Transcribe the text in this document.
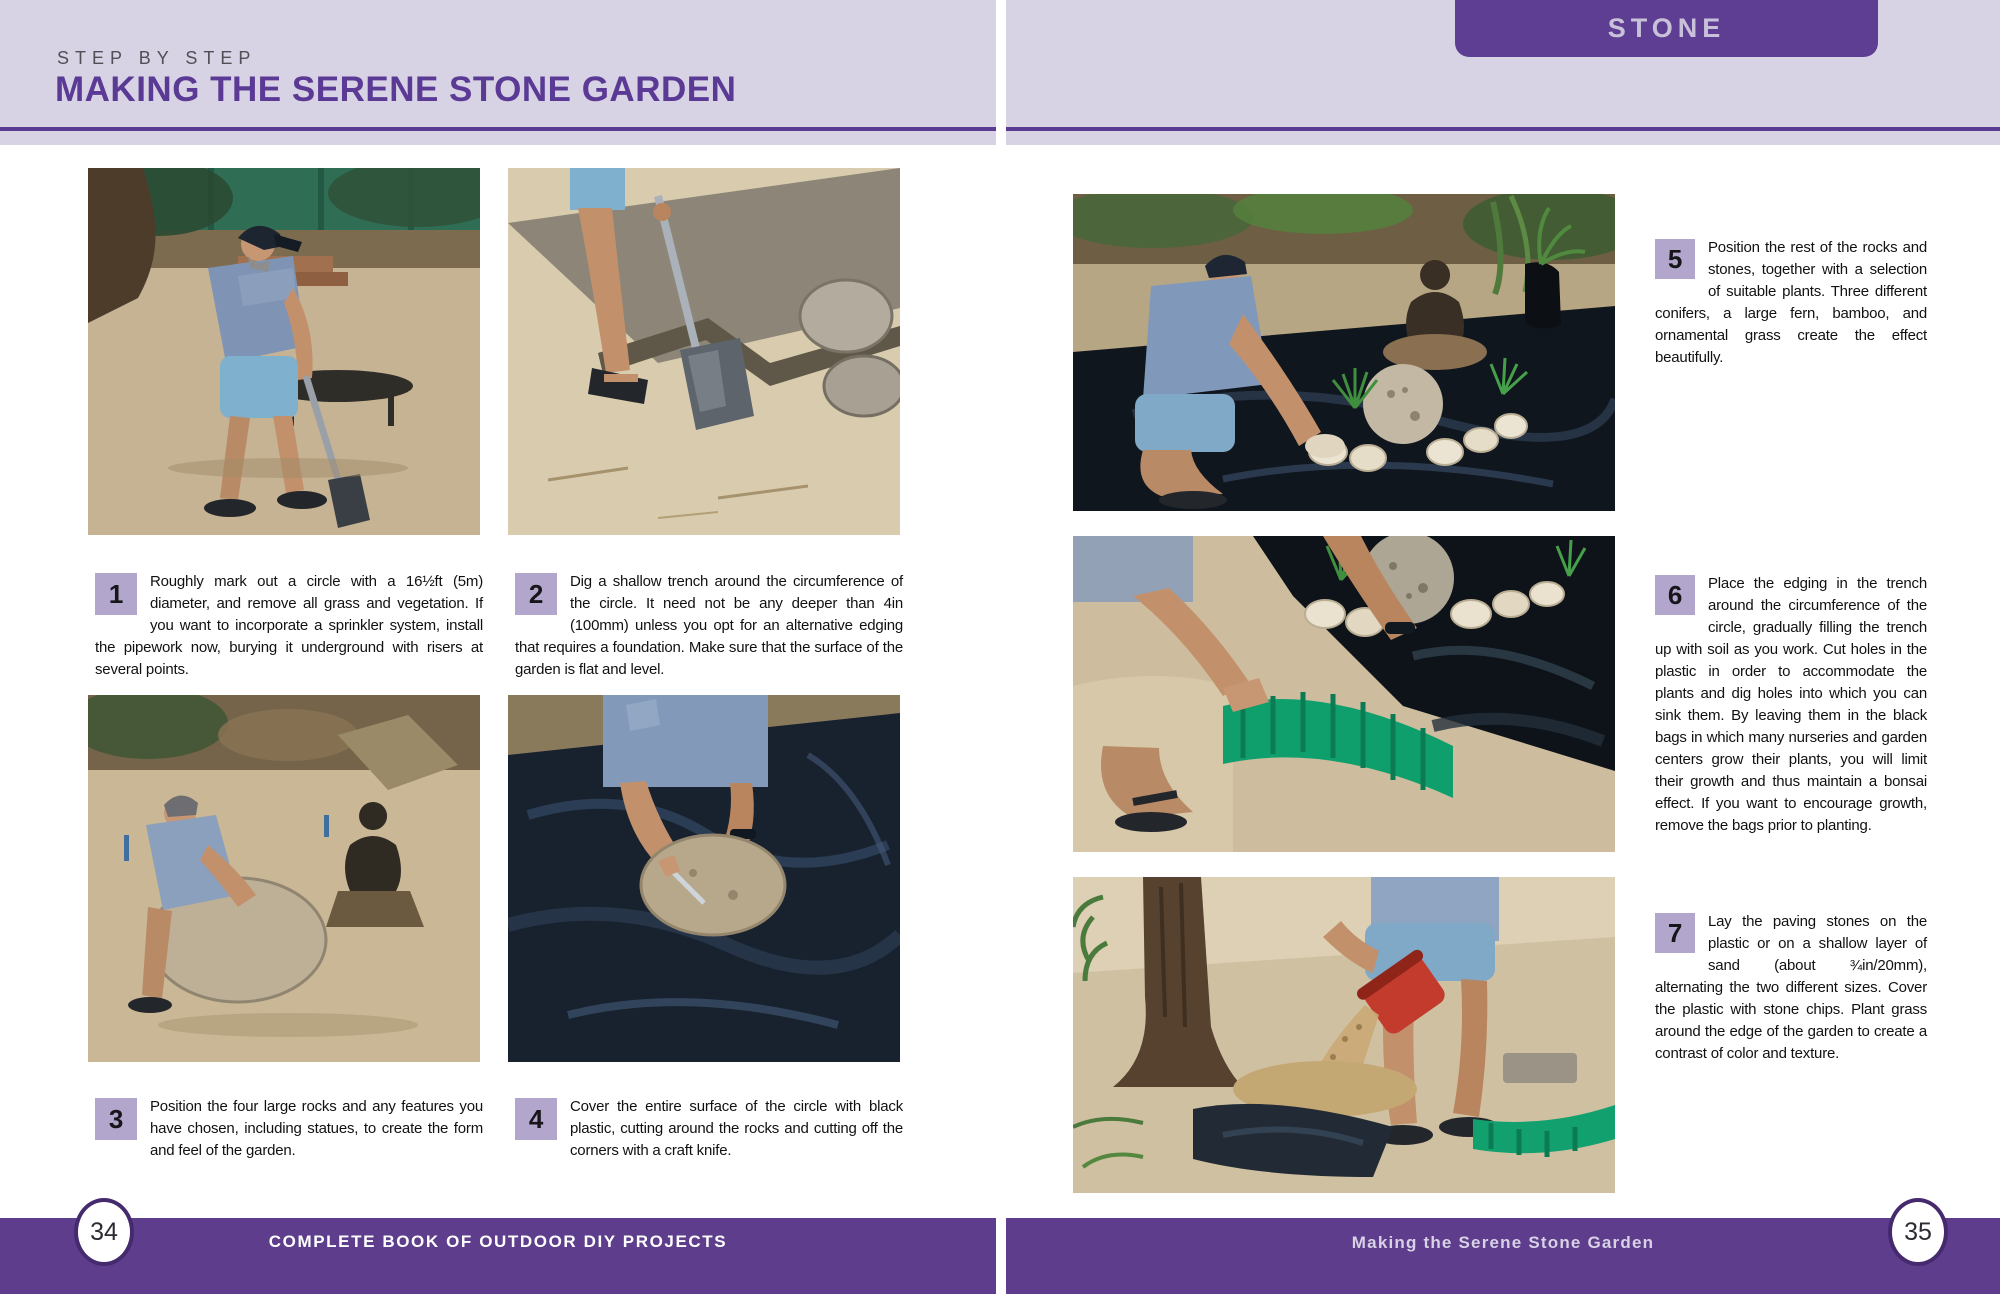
STEP BY STEP
MAKING THE SERENE STONE GARDEN

1	Roughly mark out a circle with a 16½ft (5m) diameter, and remove all grass and vegetation. If you want to incorporate a sprinkler system, install the pipework now, burying it underground with risers at several points.

2	Dig a shallow trench around the circumference of the circle. It need not be any deeper than 4in (100mm) unless you opt for an alternative edging that requires a foundation. Make sure that the surface of the garden is flat and level.

3	Position the four large rocks and any features you have chosen, including statues, to create the form and feel of the garden.

4	Cover the entire surface of the circle with black plastic, cutting around the rocks and cutting off the corners with a craft knife.

COMPLETE BOOK OF OUTDOOR DIY PROJECTS
34
STONE

5	Position the rest of the rocks and stones, together with a selection of suitable plants. Three different conifers, a large fern, bamboo, and ornamental grass create the effect beautifully.

6	Place the edging in the trench around the circumference of the circle, gradually filling the trench up with soil as you work. Cut holes in the plastic in order to accommodate the plants and dig holes into which you can sink them. By leaving them in the black bags in which many nurseries and garden centers grow their plants, you will limit their growth and thus maintain a bonsai effect. If you want to encourage growth, remove the bags prior to planting.

7	Lay the paving stones on the plastic or on a shallow layer of sand (about ¾in/20mm), alternating the two different sizes. Cover the plastic with stone chips. Plant grass around the edge of the garden to create a contrast of color and texture.

Making the Serene Stone Garden	35
